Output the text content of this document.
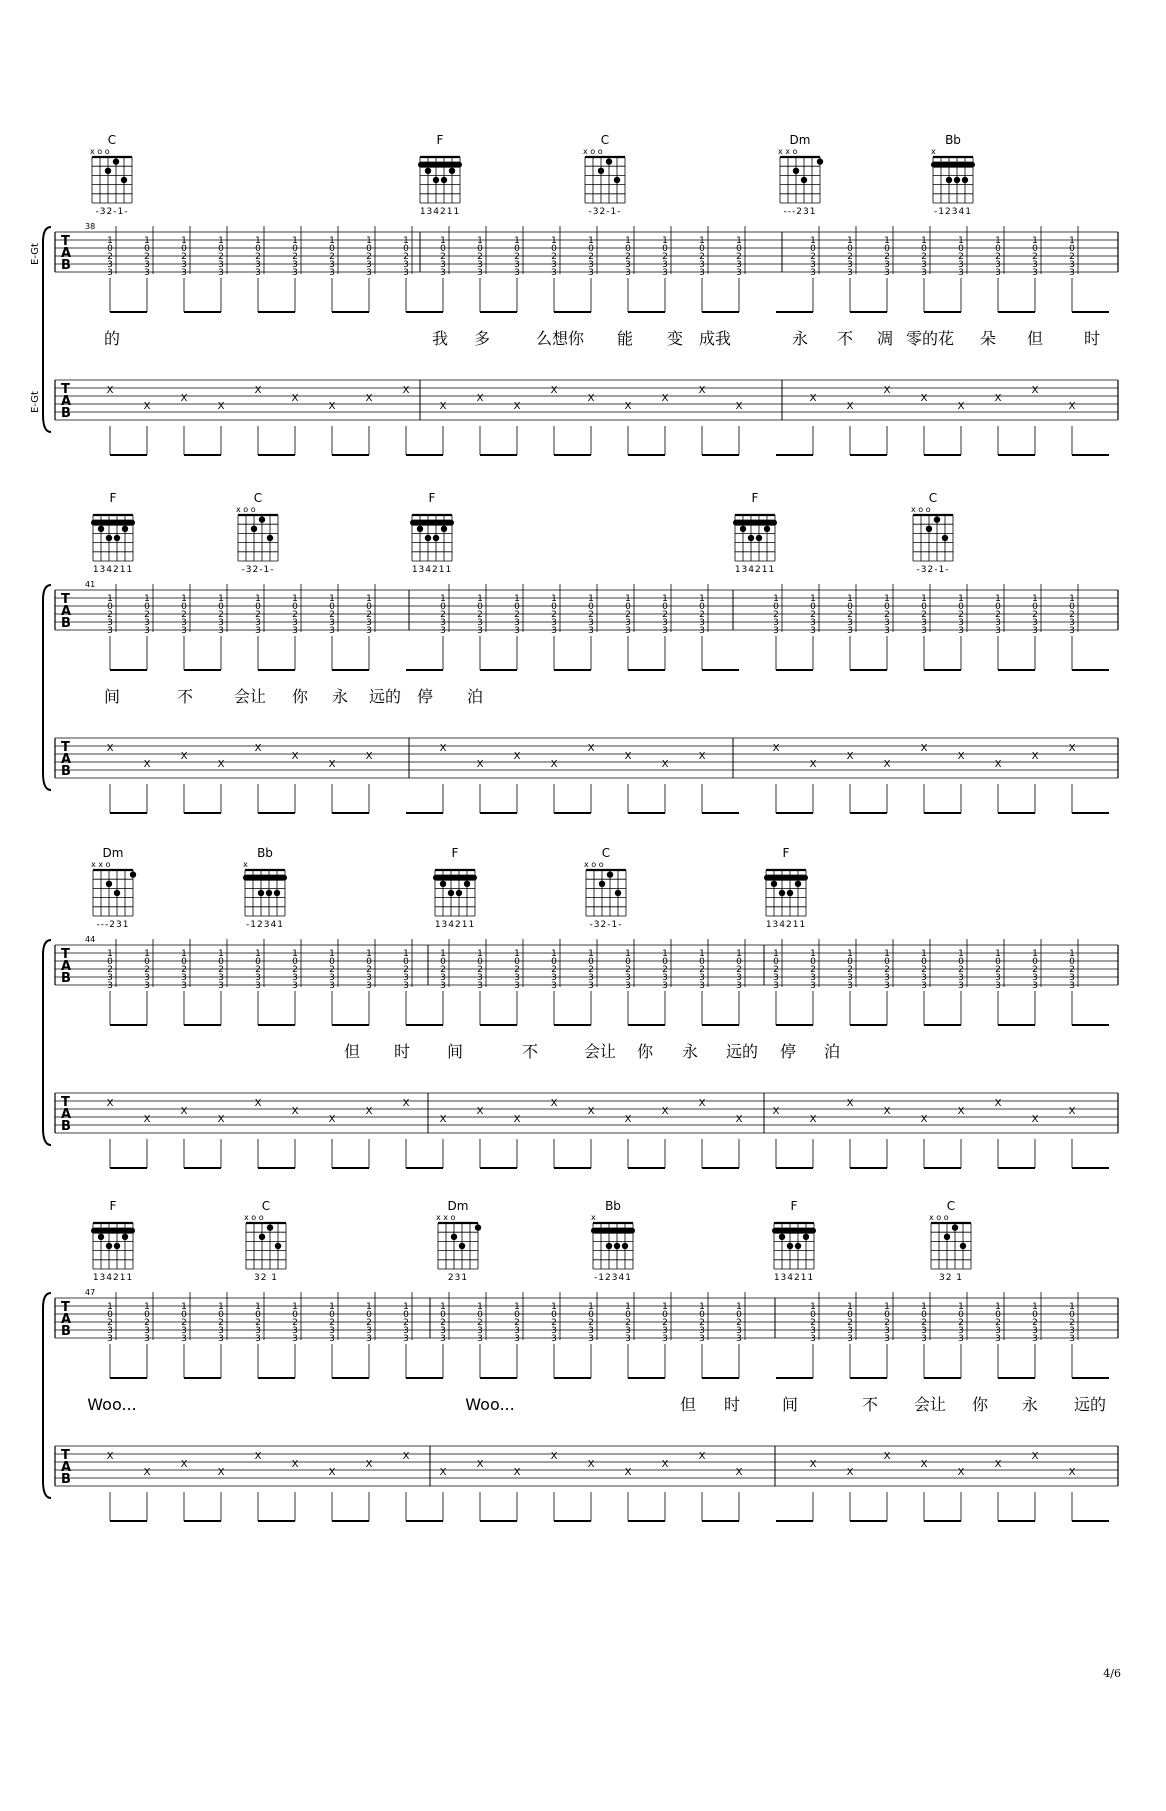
C
x o o
-32-1-
F
134211
C
x o o
-32-1-
Dm
x x o
---231
Bb
x
-12341
38
T
A
B
E-Gt
T
A
B
E-Gt
1
0
2
3
3
1
0
2
3
3
1
0
2
3
3
1
0
2
3
3
1
0
2
3
3
1
0
2
3
3
1
0
2
3
3
1
0
2
3
3
1
0
2
3
3
1
0
2
3
3
1
0
2
3
3
1
0
2
3
3
1
0
2
3
3
1
0
2
3
3
1
0
2
3
3
1
0
2
3
3
1
0
2
3
3
1
0
2
3
3
1
0
2
3
3
1
0
2
3
3
1
0
2
3
3
1
0
2
3
3
1
0
2
3
3
1
0
2
3
3
1
0
2
3
3
1
0
2
3
3
X
X
X
X
X
X
X
X
X
X
X
X
X
X
X
X
X
X
X
X
X
X
X
X
X
X
的	我 多	么想你 能 变 成我	永 不 凋 零的花 朵 但	时
F
134211
C
x o o
-32-1-
F
134211
F
134211
C
x o o
-32-1-
41
T
A
B
T
A
B
1
0
2
3
3
1
0
2
3
3
1
0
2
3
3
1
0
2
3
3
1
0
2
3
3
1
0
2
3
3
1
0
2
3
3
1
0
2
3
3
1
0
2
3
3
1
0
2
3
3
1
0
2
3
3
1
0
2
3
3
1
0
2
3
3
1
0
2
3
3
1
0
2
3
3
1
0
2
3
3
1
0
2
3
3
1
0
2
3
3
1
0
2
3
3
1
0
2
3
3
1
0
2
3
3
1
0
2
3
3
1
0
2
3
3
1
0
2
3
3
1
0
2
3
3
X
X
X
X
X
X
X
X
X
X
X
X
X
X
X
X
X
X
X
X
X
X
X
X
X
间	不	会让 你 永 远的 停 泊
Dm
x x o
---231
Bb
x
-12341
F
134211
C
x o o
-32-1-
F
134211
44
T
A
B
T
A
B
1
0
2
3
3
1
0
2
3
3
1
0
2
3
3
1
0
2
3
3
1
0
2
3
3
1
0
2
3
3
1
0
2
3
3
1
0
2
3
3
1
0
2
3
3
1
0
2
3
3
1
0
2
3
3
1
0
2
3
3
1
0
2
3
3
1
0
2
3
3
1
0
2
3
3
1
0
2
3
3
1
0
2
3
3
1
0
2
3
3
1
0
2
3
3
1
0
2
3
3
1
0
2
3
3
1
0
2
3
3
1
0
2
3
3
1
0
2
3
3
1
0
2
3
3
1
0
2
3
3
1
0
2
3
3
X
X
X
X
X
X
X
X
X
X
X
X
X
X
X
X
X
X
X
X
X
X
X
X
X
X
X
但 时 间	不	会让 你 永 远的 停 泊
F
134211
C
x o o
32 1
Dm
x x o
231
Bb
x
-12341
F
134211
C
x o o
32 1
47
T
A
B
T
A
B
1
0
2
3
3
1
0
2
3
3
1
0
2
3
3
1
0
2
3
3
1
0
2
3
3
1
0
2
3
3
1
0
2
3
3
1
0
2
3
3
1
0
2
3
3
1
0
2
3
3
1
0
2
3
3
1
0
2
3
3
1
0
2
3
3
1
0
2
3
3
1
0
2
3
3
1
0
2
3
3
1
0
2
3
3
1
0
2
3
3
1
0
2
3
3
1
0
2
3
3
1
0
2
3
3
1
0
2
3
3
1
0
2
3
3
1
0
2
3
3
1
0
2
3
3
1
0
2
3
3
X
X
X
X
X
X
X
X
X
X
X
X
X
X
X
X
X
X
X
X
X
X
X
X
X
X
Woo...	Woo...	但 时	间	不 会让 你 永 远的
4/6
